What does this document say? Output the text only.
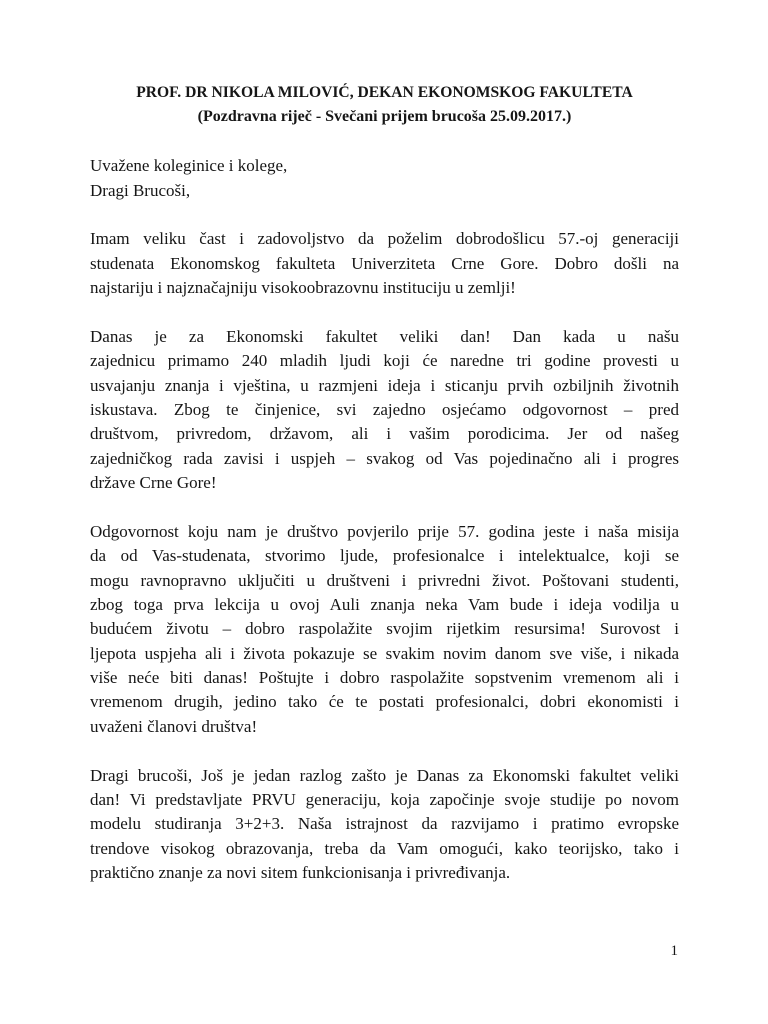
PROF. DR NIKOLA MILOVIĆ, DEKAN EKONOMSKOG FAKULTETA
(Pozdravna riječ - Svečani prijem brucoša 25.09.2017.)
Uvažene koleginice i kolege,
Dragi Brucoši,
Imam veliku čast i zadovoljstvo da poželim dobrodošlicu 57.-oj generaciji
studenata Ekonomskog fakulteta Univerziteta Crne Gore. Dobro došli na
najstariju i najznačajniju visokoobrazovnu instituciju u zemlji!
Danas je za Ekonomski fakultet veliki dan! Dan kada u našu
zajednicu primamo 240 mladih ljudi koji će naredne tri godine provesti u
usvajanju znanja i vještina, u razmjeni ideja i sticanju prvih ozbiljnih životnih
iskustava. Zbog te činjenice, svi zajedno osjećamo odgovornost – pred
društvom, privredom, državom, ali i vašim porodicima. Jer od našeg
zajedničkog rada zavisi i uspjeh – svakog od Vas pojedinačno ali i progres
države Crne Gore!
Odgovornost koju nam je društvo povjerilo prije 57. godina jeste i naša misija
da od Vas-studenata, stvorimo ljude, profesionalce i intelektualce, koji se
mogu ravnopravno uključiti u društveni i privredni život. Poštovani studenti,
zbog toga prva lekcija u ovoj Auli znanja neka Vam bude i ideja vodilja u
budućem životu – dobro raspolažite svojim rijetkim resursima! Surovost i
ljepota uspjeha ali i života pokazuje se svakim novim danom sve više, i nikada
više neće biti danas! Poštujte i dobro raspolažite sopstvenim vremenom ali i
vremenom drugih, jedino tako će te postati profesionalci, dobri ekonomisti i
uvaženi članovi društva!
Dragi brucoši, Još je jedan razlog zašto je Danas za Ekonomski fakultet veliki
dan! Vi predstavljate PRVU generaciju, koja započinje svoje studije po novom
modelu studiranja 3+2+3. Naša istrajnost da razvijamo i pratimo evropske
trendove visokog obrazovanja, treba da Vam omogući, kako teorijsko, tako i
praktično znanje za novi sitem funkcionisanja i privređivanja.
1
